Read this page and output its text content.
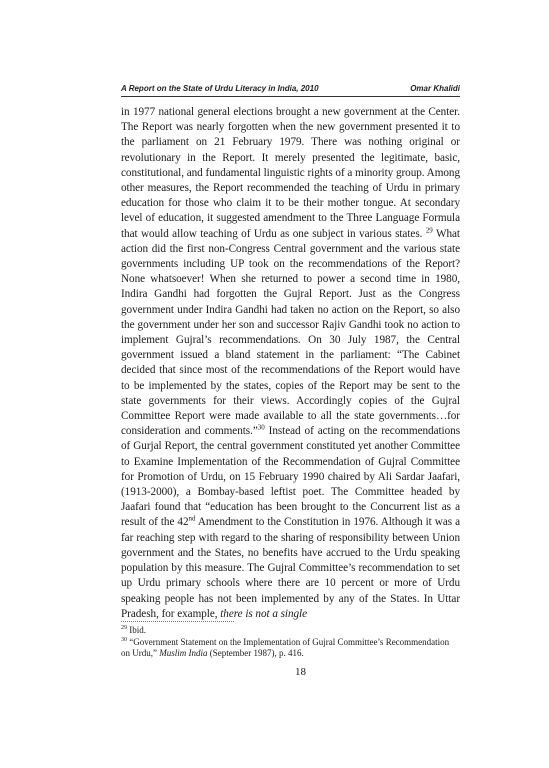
A Report on the State of Urdu Literacy in India, 2010	Omar Khalidi

in 1977 national general elections brought a new government at the Center. The Report was nearly forgotten when the new government presented it to the parliament on 21 February 1979. There was nothing original or revolutionary in the Report. It merely presented the legitimate, basic, constitutional, and fundamental linguistic rights of a minority group. Among other measures, the Report recommended the teaching of Urdu in primary education for those who claim it to be their mother tongue. At secondary level of education, it suggested amendment to the Three Language Formula that would allow teaching of Urdu as one subject in various states. $^{29}$ What action did the first non-Congress Central government and the various state governments including UP took on the recommendations of the Report? None whatsoever! When she returned to power a second time in 1980, Indira Gandhi had forgotten the Gujral Report. Just as the Congress government under Indira Gandhi had taken no action on the Report, so also the government under her son and successor Rajiv Gandhi took no action to implement Gujral’s recommendations. On 30 July 1987, the Central government issued a bland statement in the parliament: “The Cabinet decided that since most of the recommendations of the Report would have to be implemented by the states, copies of the Report may be sent to the state governments for their views. Accordingly copies of the Gujral Committee Report were made available to all the state governments…for consideration and comments.”$^{30}$ Instead of acting on the recommendations of Gurjal Report, the central government constituted yet another Committee to Examine Implementation of the Recommendation of Gujral Committee for Promotion of Urdu, on 15 February 1990 chaired by Ali Sardar Jaafari, (1913-2000), a Bombay-based leftist poet. The Committee headed by Jaafari found that “education has been brought to the Concurrent list as a result of the 42nd Amendment to the Constitution in 1976. Although it was a far reaching step with regard to the sharing of responsibility between Union government and the States, no benefits have accrued to the Urdu speaking population by this measure. The Gujral Committee’s recommendation to set up Urdu primary schools where there are 10 percent or more of Urdu speaking people has not been implemented by any of the States. In Uttar Pradesh, for example, there is not a single

$^{29}$ Ibid.

$^{30}$ “Government Statement on the Implementation of Gujral Committee’s Recommendation on Urdu,” Muslim India (September 1987), p. 416.

18
